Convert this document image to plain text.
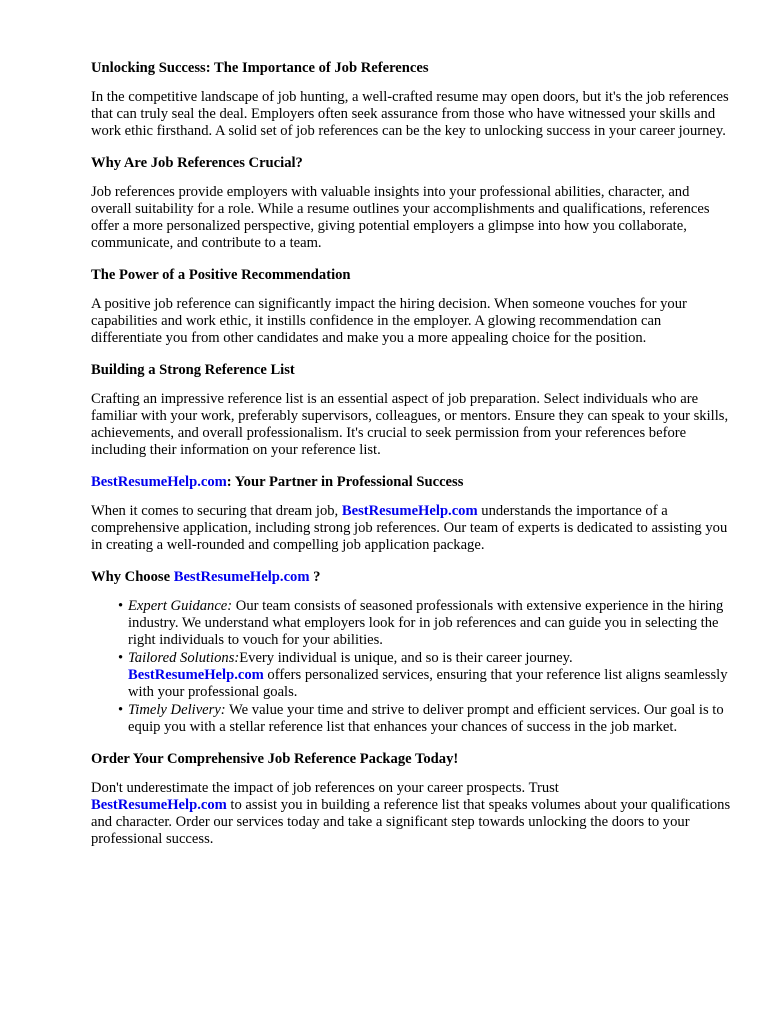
Unlocking Success: The Importance of Job References

In the competitive landscape of job hunting, a well-crafted resume may open doors, but it's the job references that can truly seal the deal. Employers often seek assurance from those who have witnessed your skills and work ethic firsthand. A solid set of job references can be the key to unlocking success in your career journey.

Why Are Job References Crucial?

Job references provide employers with valuable insights into your professional abilities, character, and overall suitability for a role. While a resume outlines your accomplishments and qualifications, references offer a more personalized perspective, giving potential employers a glimpse into how you collaborate, communicate, and contribute to a team.

The Power of a Positive Recommendation

A positive job reference can significantly impact the hiring decision. When someone vouches for your capabilities and work ethic, it instills confidence in the employer. A glowing recommendation can differentiate you from other candidates and make you a more appealing choice for the position.

Building a Strong Reference List

Crafting an impressive reference list is an essential aspect of job preparation. Select individuals who are familiar with your work, preferably supervisors, colleagues, or mentors. Ensure they can speak to your skills, achievements, and overall professionalism. It's crucial to seek permission from your references before including their information on your reference list.

BestResumeHelp.com: Your Partner in Professional Success

When it comes to securing that dream job, BestResumeHelp.com understands the importance of a comprehensive application, including strong job references. Our team of experts is dedicated to assisting you in creating a well-rounded and compelling job application package.

Why Choose BestResumeHelp.com ?
• Expert Guidance: Our team consists of seasoned professionals with extensive experience in the hiring industry. We understand what employers look for in job references and can guide you in selecting the right individuals to vouch for your abilities.
• Tailored Solutions:Every individual is unique, and so is their career journey.
BestResumeHelp.com offers personalized services, ensuring that your reference list aligns seamlessly with your professional goals.
• Timely Delivery: We value your time and strive to deliver prompt and efficient services. Our goal is to equip you with a stellar reference list that enhances your chances of success in the job market.
Order Your Comprehensive Job Reference Package Today!

Don't underestimate the impact of job references on your career prospects. Trust
BestResumeHelp.com to assist you in building a reference list that speaks volumes about your qualifications and character. Order our services today and take a significant step towards unlocking the doors to your professional success.
